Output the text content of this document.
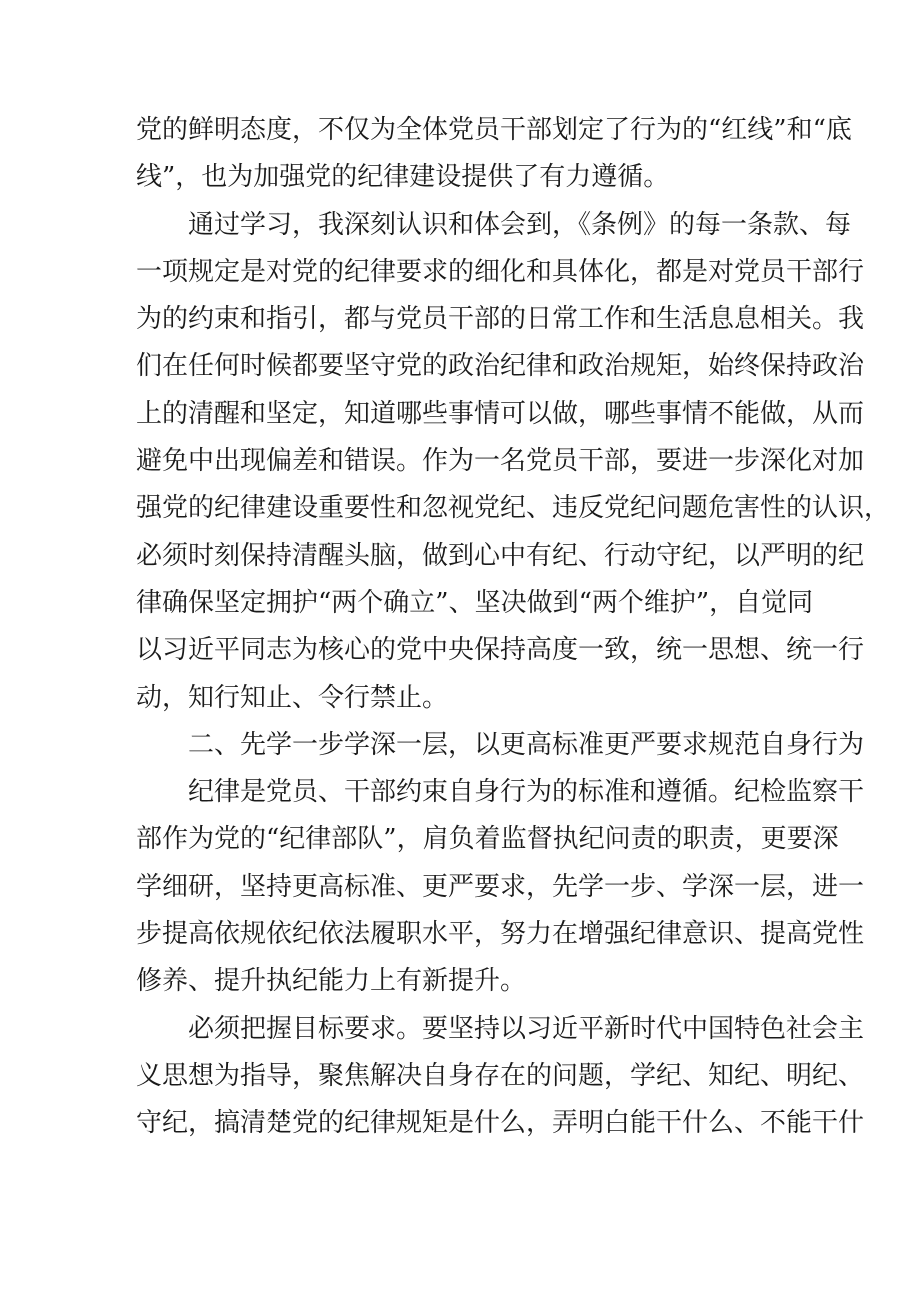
党的鲜明态度，不仅为全体党员干部划定了行为的“红线”和“底
线”，也为加强党的纪律建设提供了有力遵循。
通过学习，我深刻认识和体会到，《条例》的每一条款、每
一项规定是对党的纪律要求的细化和具体化，都是对党员干部行
为的约束和指引，都与党员干部的日常工作和生活息息相关。我
们在任何时候都要坚守党的政治纪律和政治规矩，始终保持政治
上的清醒和坚定，知道哪些事情可以做，哪些事情不能做，从而
避免中出现偏差和错误。作为一名党员干部，要进一步深化对加
强党的纪律建设重要性和忽视党纪、违反党纪问题危害性的认识，
必须时刻保持清醒头脑，做到心中有纪、行动守纪，以严明的纪
律确保坚定拥护“两个确立”、坚决做到“两个维护”，自觉同
以习近平同志为核心的党中央保持高度一致，统一思想、统一行
动，知行知止、令行禁止。
二、先学一步学深一层，以更高标准更严要求规范自身行为
纪律是党员、干部约束自身行为的标准和遵循。纪检监察干
部作为党的“纪律部队”，肩负着监督执纪问责的职责，更要深
学细研，坚持更高标准、更严要求，先学一步、学深一层，进一
步提高依规依纪依法履职水平，努力在增强纪律意识、提高党性
修养、提升执纪能力上有新提升。
必须把握目标要求。要坚持以习近平新时代中国特色社会主
义思想为指导，聚焦解决自身存在的问题，学纪、知纪、明纪、
守纪，搞清楚党的纪律规矩是什么，弄明白能干什么、不能干什
